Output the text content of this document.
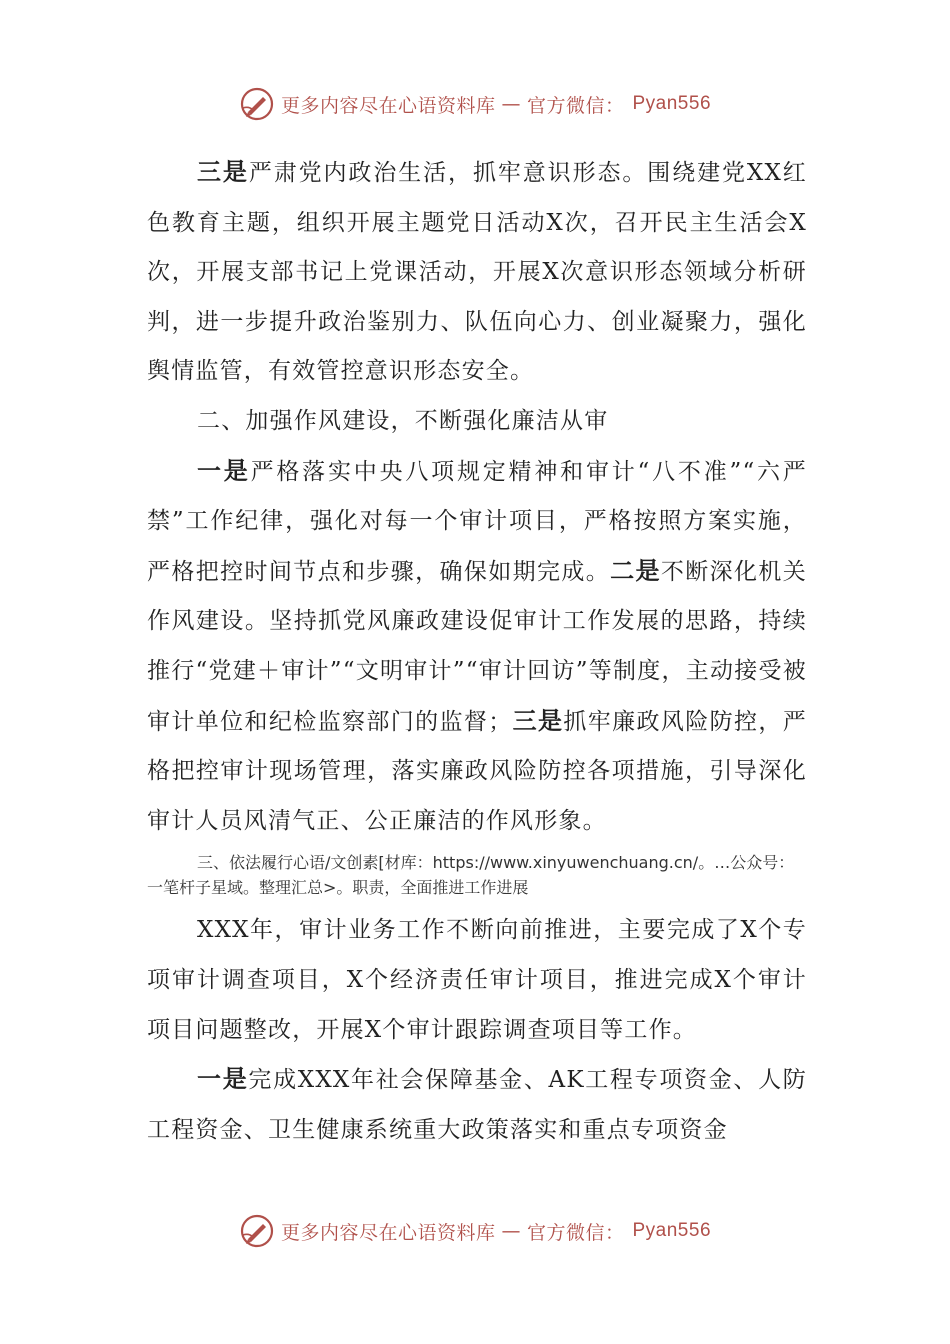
更多内容尽在心语资料库 — 官方微信： Pyan556

三是严肃党内政治生活，抓牢意识形态。围绕建党XX红色教育主题，组织开展主题党日活动X次，召开民主生活会X次，开展支部书记上党课活动，开展X次意识形态领域分析研判，进一步提升政治鉴别力、队伍向心力、创业凝聚力，强化舆情监管，有效管控意识形态安全。

二、加强作风建设，不断强化廉洁从审

一是严格落实中央八项规定精神和审计“八不准”“六严禁”工作纪律，强化对每一个审计项目，严格按照方案实施，严格把控时间节点和步骤，确保如期完成。二是不断深化机关作风建设。坚持抓党风廉政建设促审计工作发展的思路，持续推行“党建＋审计”“文明审计”“审计回访”等制度，主动接受被审计单位和纪检监察部门的监督；三是抓牢廉政风险防控，严格把控审计现场管理，落实廉政风险防控各项措施，引导深化审计人员风清气正、公正廉洁的作风形象。

三、依法履行心语/文创素[材库：https://www.xinyuwenchuang.cn/。…公众号：一笔杆子星域。整理汇总>。职责，全面推进工作进展

XXX年，审计业务工作不断向前推进，主要完成了X个专项审计调查项目，X个经济责任审计项目，推进完成X个审计项目问题整改，开展X个审计跟踪调查项目等工作。

一是完成XXX年社会保障基金、AK工程专项资金、人防工程资金、卫生健康系统重大政策落实和重点专项资金

更多内容尽在心语资料库 — 官方微信： Pyan556
